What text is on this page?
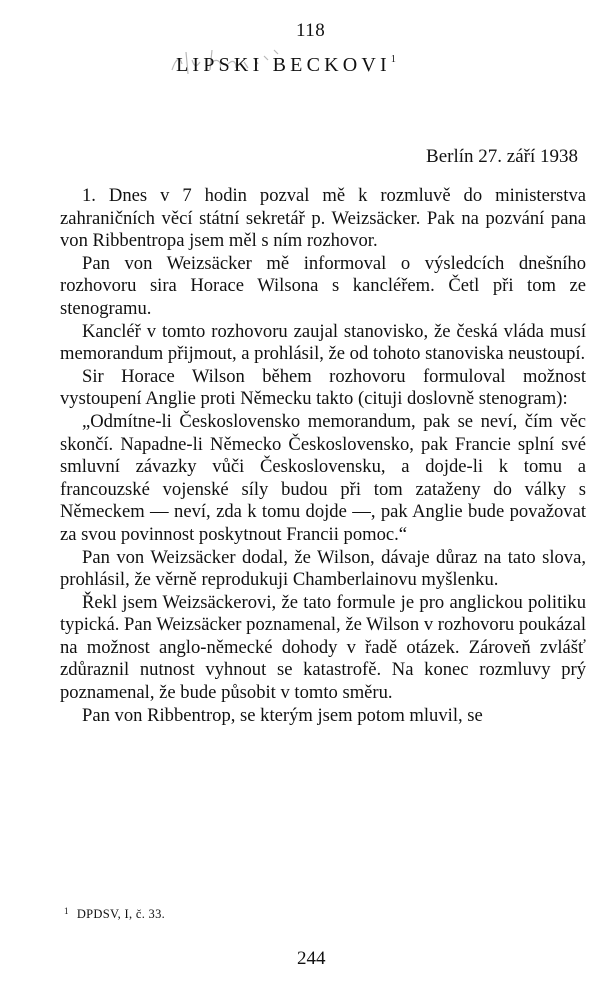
118
LIPSKI BECKOVI$^1$
Berlín 27. září 1938

1. Dnes v 7 hodin pozval mě k rozmluvě do ministerstva zahraničních věcí státní sekretář p. Weizsäcker. Pak na pozvání pana von Ribbentropa jsem měl s ním rozhovor.

Pan von Weizsäcker mě informoval o výsledcích dnešního rozhovoru sira Horace Wilsona s kancléřem. Četl při tom ze stenogramu.

Kancléř v tomto rozhovoru zaujal stanovisko, že česká vláda musí memorandum přijmout, a prohlásil, že od tohoto stanoviska neustoupí.

Sir Horace Wilson během rozhovoru formuloval možnost vystoupení Anglie proti Německu takto (cituji doslovně stenogram):

„Odmítne-li Československo memorandum, pak se neví, čím věc skončí. Napadne-li Německo Československo, pak Francie splní své smluvní závazky vůči Československu, a dojde-li k tomu a francouzské vojenské síly budou při tom zataženy do války s Německem — neví, zda k tomu dojde —, pak Anglie bude považovat za svou povinnost poskytnout Francii pomoc.“

Pan von Weizsäcker dodal, že Wilson, dávaje důraz na tato slova, prohlásil, že věrně reprodukuji Chamberlainovu myšlenku.

Řekl jsem Weizsäckerovi, že tato formule je pro anglickou politiku typická. Pan Weizsäcker poznamenal, že Wilson v rozhovoru poukázal na možnost anglo-německé dohody v řadě otázek. Zároveň zvlášť zdůraznil nutnost vyhnout se katastrofě. Na konec rozmluvy prý poznamenal, že bude působit v tomto směru.

Pan von Ribbentrop, se kterým jsem potom mluvil, se

$^1$ DPDSV, I, č. 33.
244
